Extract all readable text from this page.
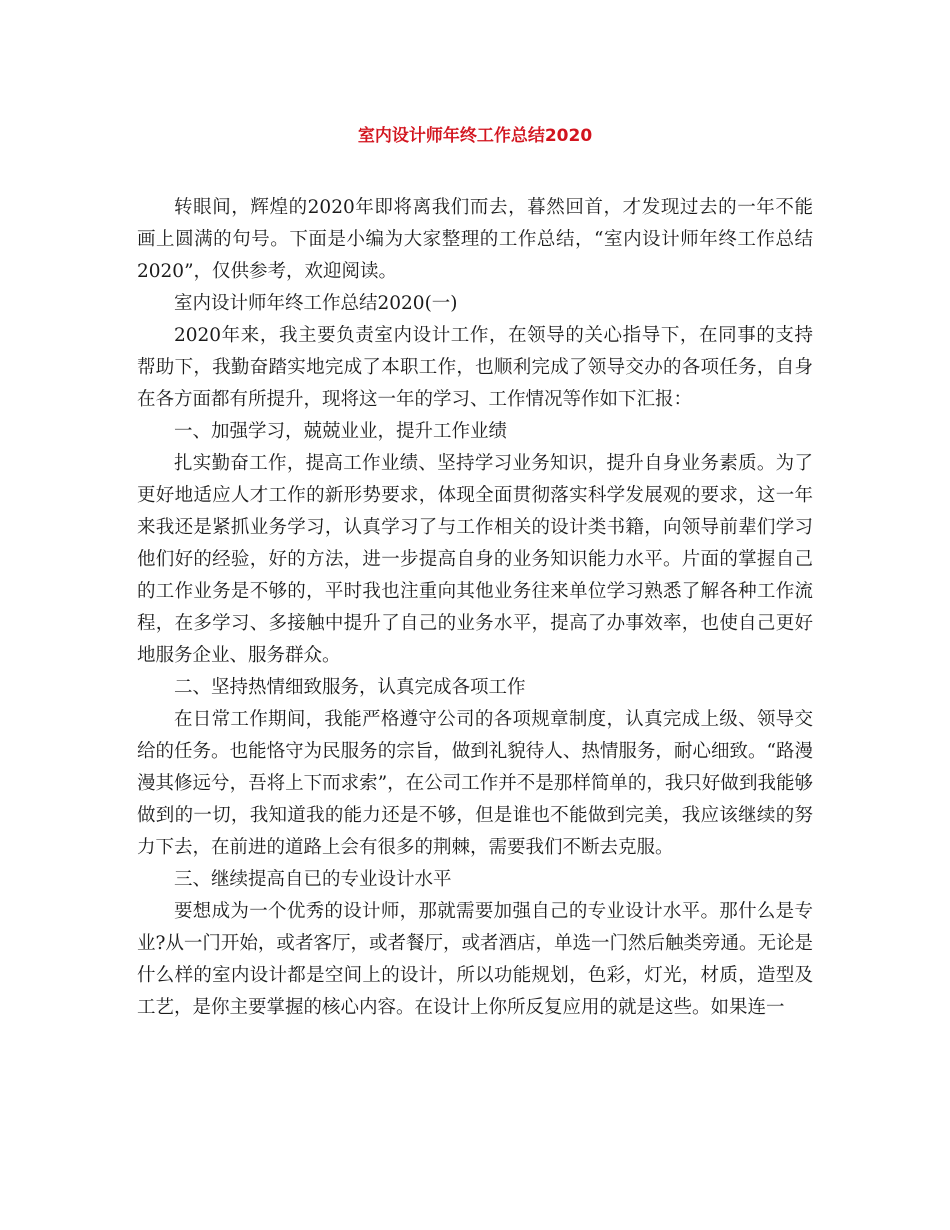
室内设计师年终工作总结2020

转眼间，辉煌的2020年即将离我们而去，暮然回首，才发现过去的一年不能画上圆满的句号。下面是小编为大家整理的工作总结，“室内设计师年终工作总结2020”，仅供参考，欢迎阅读。

室内设计师年终工作总结2020(一)

2020年来，我主要负责室内设计工作，在领导的关心指导下，在同事的支持帮助下，我勤奋踏实地完成了本职工作，也顺利完成了领导交办的各项任务，自身在各方面都有所提升，现将这一年的学习、工作情况等作如下汇报：

一、加强学习，兢兢业业，提升工作业绩

扎实勤奋工作，提高工作业绩、坚持学习业务知识，提升自身业务素质。为了更好地适应人才工作的新形势要求，体现全面贯彻落实科学发展观的要求，这一年来我还是紧抓业务学习，认真学习了与工作相关的设计类书籍，向领导前辈们学习他们好的经验，好的方法，进一步提高自身的业务知识能力水平。片面的掌握自己的工作业务是不够的，平时我也注重向其他业务往来单位学习熟悉了解各种工作流程，在多学习、多接触中提升了自己的业务水平，提高了办事效率，也使自己更好地服务企业、服务群众。

二、坚持热情细致服务，认真完成各项工作

在日常工作期间，我能严格遵守公司的各项规章制度，认真完成上级、领导交给的任务。也能恪守为民服务的宗旨，做到礼貌待人、热情服务，耐心细致。“路漫漫其修远兮，吾将上下而求索”，在公司工作并不是那样简单的，我只好做到我能够做到的一切，我知道我的能力还是不够，但是谁也不能做到完美，我应该继续的努力下去，在前进的道路上会有很多的荆棘，需要我们不断去克服。

三、继续提高自已的专业设计水平

要想成为一个优秀的设计师，那就需要加强自己的专业设计水平。那什么是专业?从一门开始，或者客厅，或者餐厅，或者酒店，单选一门然后触类旁通。无论是什么样的室内设计都是空间上的设计，所以功能规划，色彩，灯光，材质，造型及工艺，是你主要掌握的核心内容。在设计上你所反复应用的就是这些。如果连一
